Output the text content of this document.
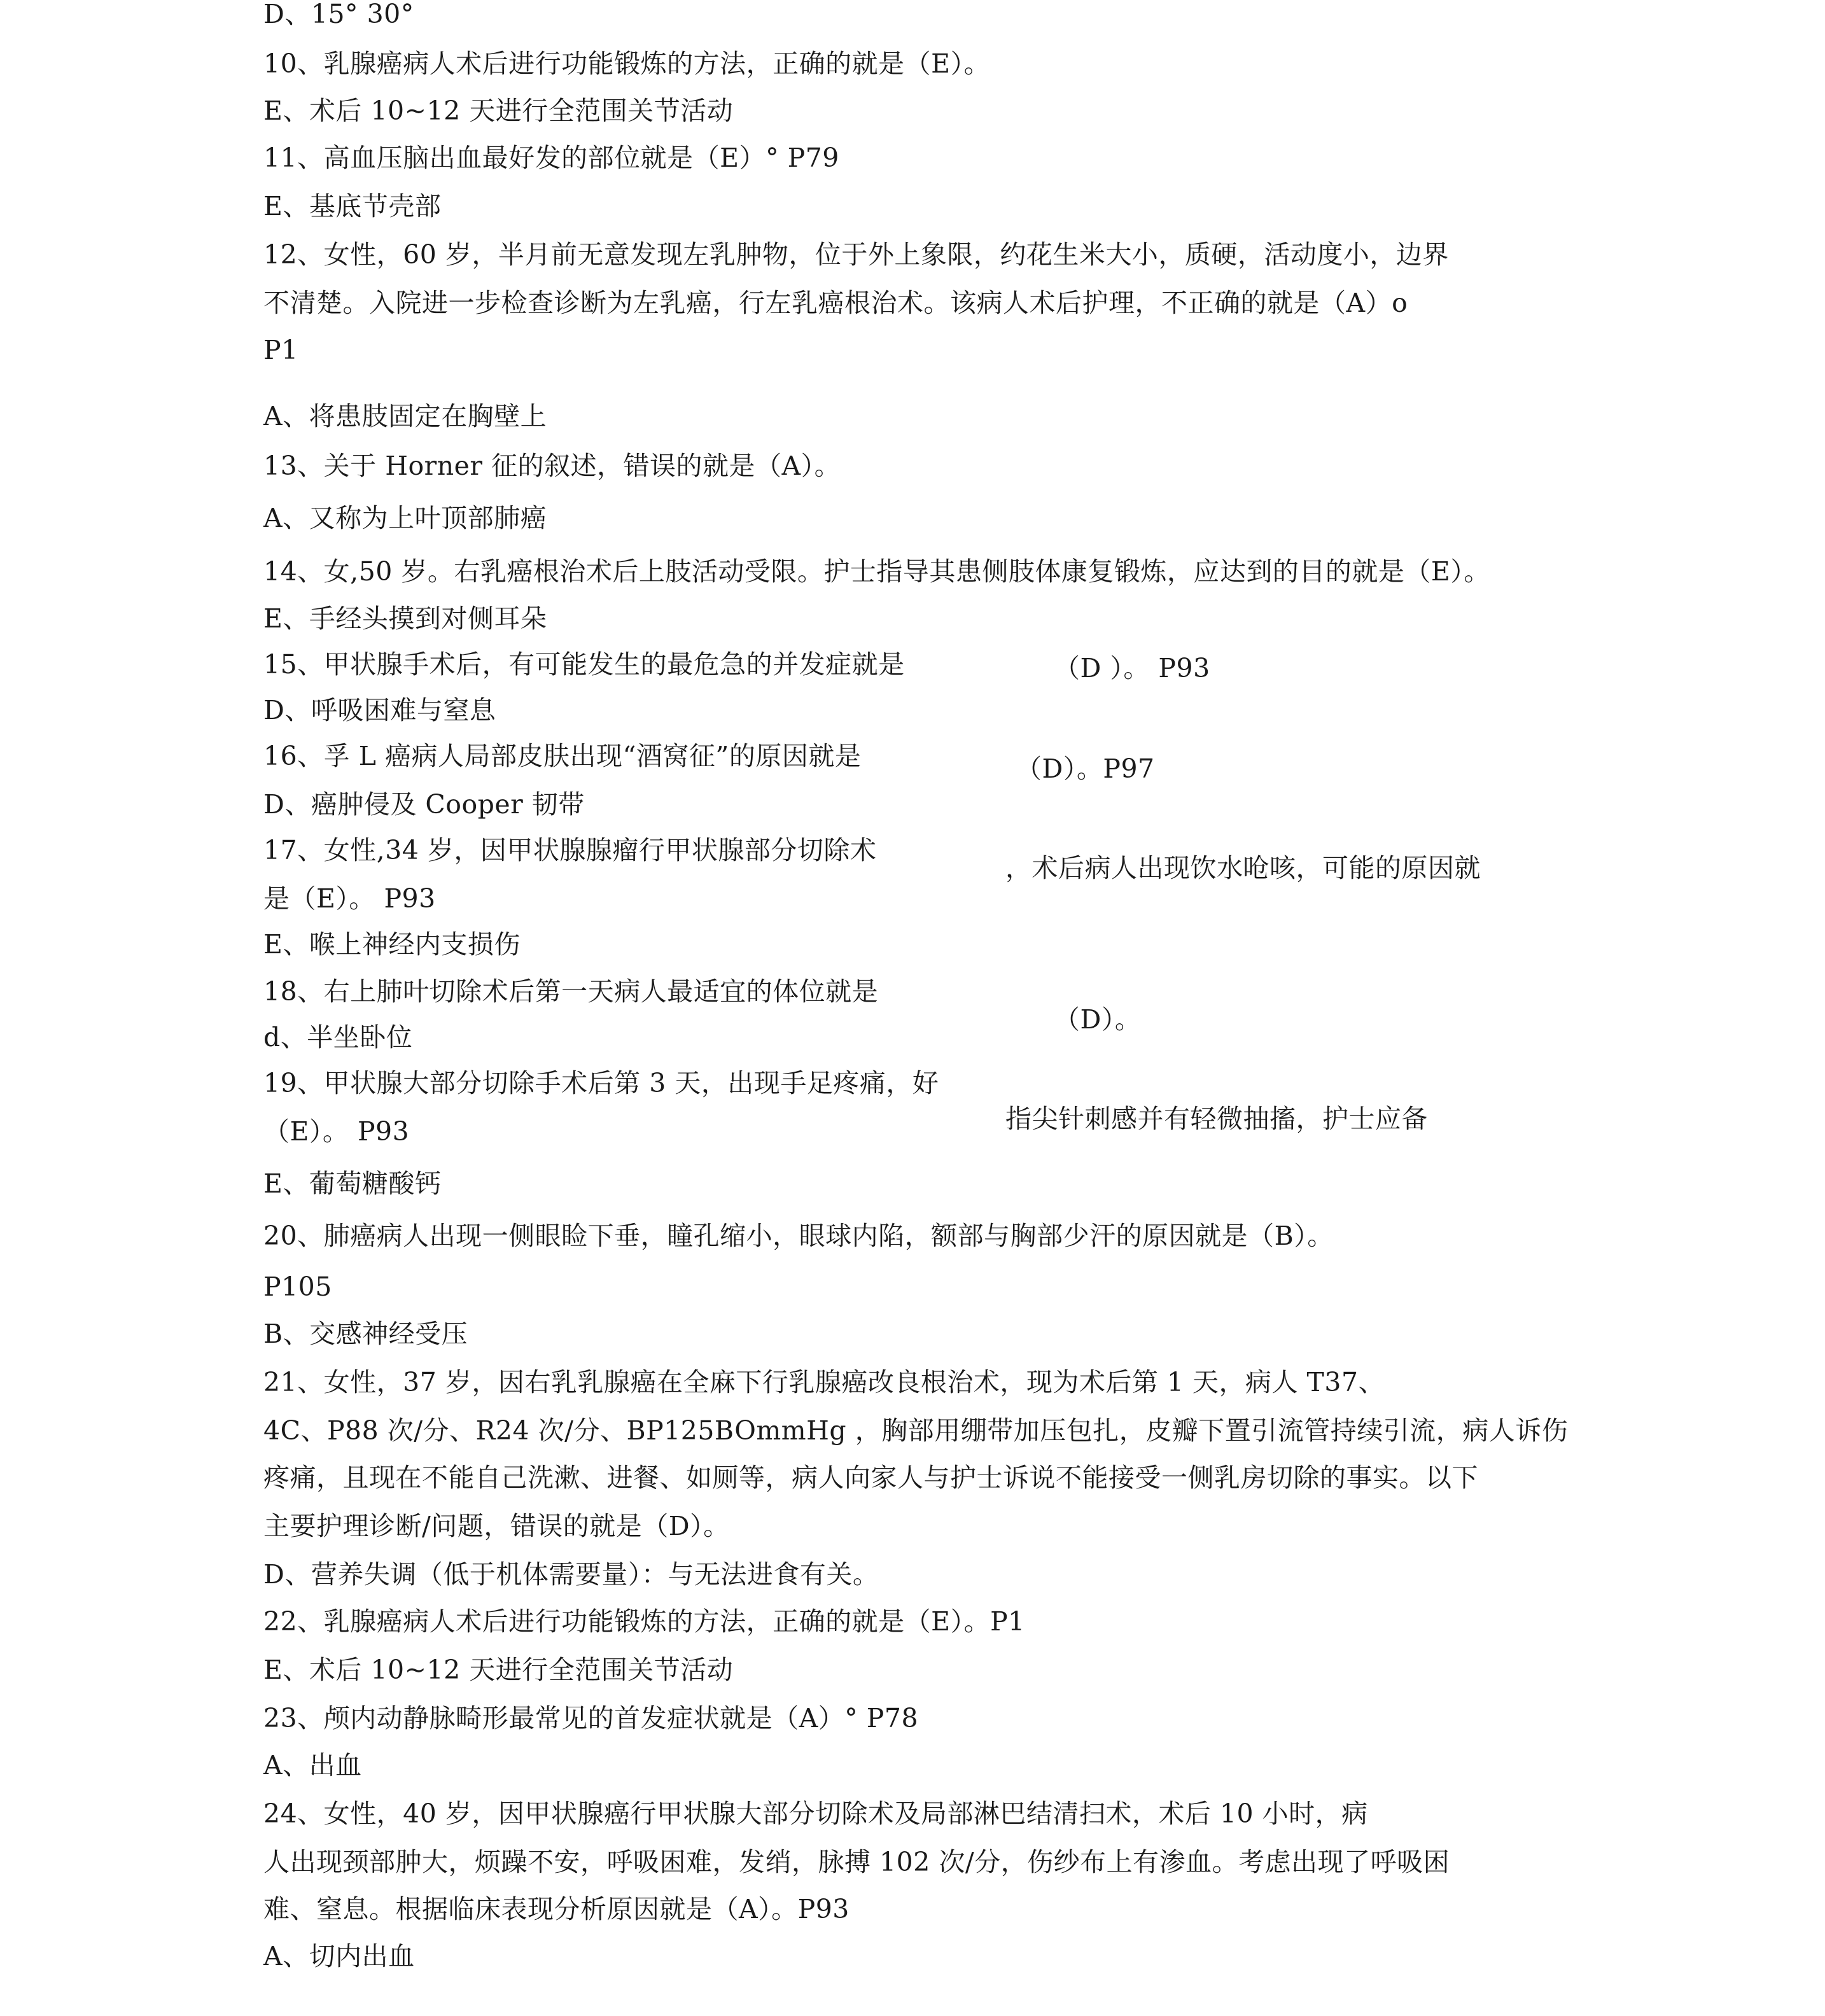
D、15° 30°
10、乳腺癌病人术后进行功能锻炼的方法，正确的就是（E）。
E、术后 10~12 天进行全范围关节活动
11、高血压脑出血最好发的部位就是（E）° P79
E、基底节壳部
12、女性，60 岁，半月前无意发现左乳肿物，位于外上象限，约花生米大小，质硬，活动度小，边界
不清楚。入院进一步检查诊断为左乳癌，行左乳癌根治术。该病人术后护理，不正确的就是（A）o
P1
A、将患肢固定在胸壁上
13、关于 Horner 征的叙述，错误的就是（A）。
A、又称为上叶顶部肺癌
14、女,50 岁。右乳癌根治术后上肢活动受限。护士指导其患侧肢体康复锻炼，应达到的目的就是（E）。
E、手经头摸到对侧耳朵
15、甲状腺手术后，有可能发生的最危急的并发症就是	（D ）。 P93
D、呼吸困难与窒息
16、孚 L 癌病人局部皮肤出现“酒窝征”的原因就是	（D）。P97
D、癌肿侵及 Cooper 韧带
17、女性,34 岁，因甲状腺腺瘤行甲状腺部分切除术
，术后病人出现饮水呛咳，可能的原因就
是（E）。 P93
E、喉上神经内支损伤
18、右上肺叶切除术后第一天病人最适宜的体位就是
（D）。
d、半坐卧位
19、甲状腺大部分切除手术后第 3 天，出现手足疼痛，好
指尖针刺感并有轻微抽搐，护士应备
（E）。 P93
E、葡萄糖酸钙
20、肺癌病人出现一侧眼睑下垂，瞳孔缩小，眼球内陷，额部与胸部少汗的原因就是（B）。
P105
B、交感神经受压
21、女性，37 岁，因右乳乳腺癌在全麻下行乳腺癌改良根治术，现为术后第 1 天，病人 T37、
4C、P88 次/分、R24 次/分、BP125BOmmHg ，胸部用绷带加压包扎，皮瓣下置引流管持续引流，病人诉伤
疼痛，且现在不能自己洗漱、进餐、如厕等，病人向家人与护士诉说不能接受一侧乳房切除的事实。以下
主要护理诊断/问题，错误的就是（D）。
D、营养失调（低于机体需要量）：与无法进食有关。
22、乳腺癌病人术后进行功能锻炼的方法，正确的就是（E）。P1
E、术后 10~12 天进行全范围关节活动
23、颅内动静脉畸形最常见的首发症状就是（A）° P78
A、出血
24、女性，40 岁，因甲状腺癌行甲状腺大部分切除术及局部淋巴结清扫术，术后 10 小时，病
人出现颈部肿大，烦躁不安，呼吸困难，发绡，脉搏 102 次/分，伤纱布上有渗血。考虑出现了呼吸困
难、窒息。根据临床表现分析原因就是（A）。P93
A、切内出血
